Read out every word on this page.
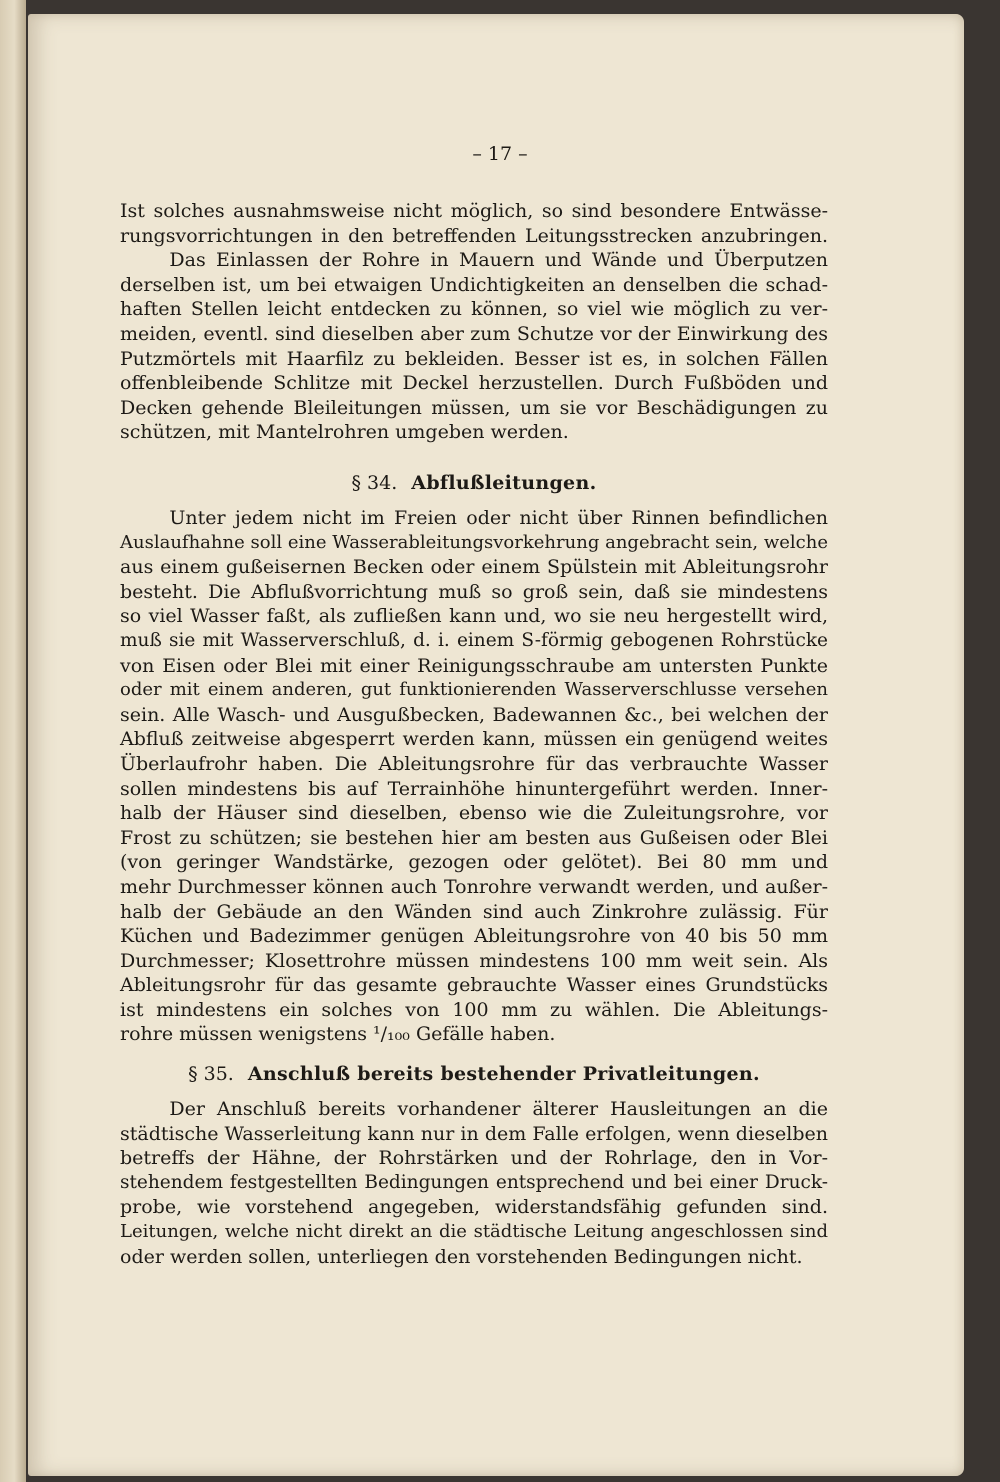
– 17 –
Ist solches ausnahmsweise nicht möglich, so sind besondere Entwässe-
rungsvorrichtungen in den betreffenden Leitungsstrecken anzubringen.
Das Einlassen der Rohre in Mauern und Wände und Überputzen
derselben ist, um bei etwaigen Undichtigkeiten an denselben die schad-
haften Stellen leicht entdecken zu können, so viel wie möglich zu ver-
meiden, eventl. sind dieselben aber zum Schutze vor der Einwirkung des
Putzmörtels mit Haarfilz zu bekleiden. Besser ist es, in solchen Fällen
offenbleibende Schlitze mit Deckel herzustellen. Durch Fußböden und
Decken gehende Bleileitungen müssen, um sie vor Beschädigungen zu
schützen, mit Mantelrohren umgeben werden.
§ 34. Abflußleitungen.
Unter jedem nicht im Freien oder nicht über Rinnen befindlichen
Auslaufhahne soll eine Wasserableitungsvorkehrung angebracht sein, welche
aus einem gußeisernen Becken oder einem Spülstein mit Ableitungsrohr
besteht. Die Abflußvorrichtung muß so groß sein, daß sie mindestens
so viel Wasser faßt, als zufließen kann und, wo sie neu hergestellt wird,
muß sie mit Wasserverschluß, d. i. einem S-förmig gebogenen Rohrstücke
von Eisen oder Blei mit einer Reinigungsschraube am untersten Punkte
oder mit einem anderen, gut funktionierenden Wasserverschlusse versehen
sein. Alle Wasch- und Ausgußbecken, Badewannen &c., bei welchen der
Abfluß zeitweise abgesperrt werden kann, müssen ein genügend weites
Überlaufrohr haben. Die Ableitungsrohre für das verbrauchte Wasser
sollen mindestens bis auf Terrainhöhe hinuntergeführt werden. Inner-
halb der Häuser sind dieselben, ebenso wie die Zuleitungsrohre, vor
Frost zu schützen; sie bestehen hier am besten aus Gußeisen oder Blei
(von geringer Wandstärke, gezogen oder gelötet). Bei 80 mm und
mehr Durchmesser können auch Tonrohre verwandt werden, und außer-
halb der Gebäude an den Wänden sind auch Zinkrohre zulässig. Für
Küchen und Badezimmer genügen Ableitungsrohre von 40 bis 50 mm
Durchmesser; Klosettrohre müssen mindestens 100 mm weit sein. Als
Ableitungsrohr für das gesamte gebrauchte Wasser eines Grundstücks
ist mindestens ein solches von 100 mm zu wählen. Die Ableitungs-
rohre müssen wenigstens ¹/₁₀₀ Gefälle haben.
§ 35. Anschluß bereits bestehender Privatleitungen.
Der Anschluß bereits vorhandener älterer Hausleitungen an die
städtische Wasserleitung kann nur in dem Falle erfolgen, wenn dieselben
betreffs der Hähne, der Rohrstärken und der Rohrlage, den in Vor-
stehendem festgestellten Bedingungen entsprechend und bei einer Druck-
probe, wie vorstehend angegeben, widerstandsfähig gefunden sind.
Leitungen, welche nicht direkt an die städtische Leitung angeschlossen sind
oder werden sollen, unterliegen den vorstehenden Bedingungen nicht.
